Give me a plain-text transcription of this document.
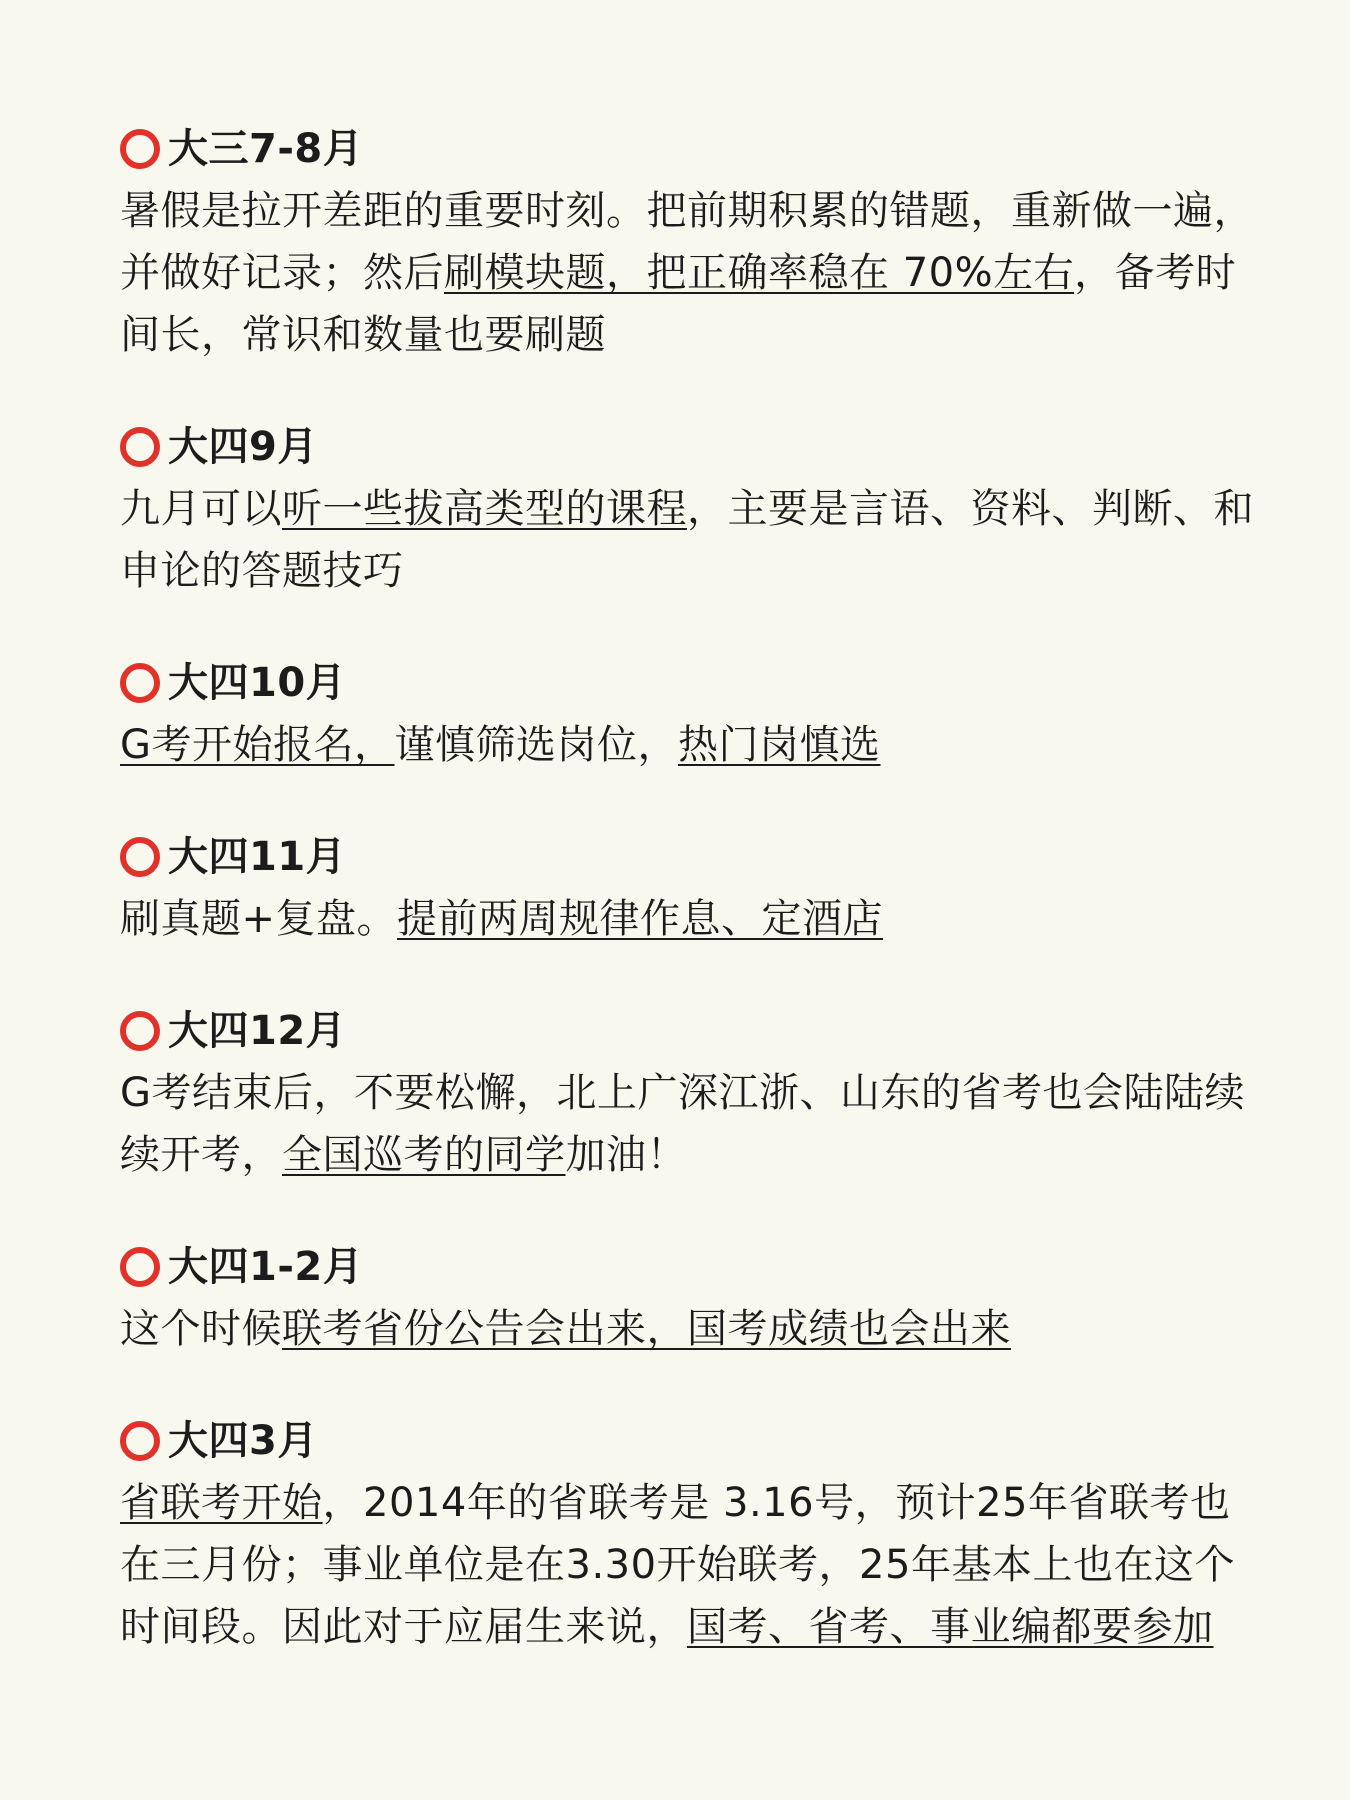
大三7-8月

暑假是拉开差距的重要时刻。把前期积累的错题，重新做一遍，并做好记录；然后刷模块题，把正确率稳在 70%左右，备考时间长，常识和数量也要刷题

大四9月

九月可以听一些拔高类型的课程，主要是言语、资料、判断、和申论的答题技巧

大四10月

G考开始报名，谨慎筛选岗位，热门岗慎选

大四11月

刷真题+复盘。提前两周规律作息、定酒店

大四12月

G考结束后，不要松懈，北上广深江浙、山东的省考也会陆陆续续开考，全国巡考的同学加油！

大四1-2月

这个时候联考省份公告会出来，国考成绩也会出来

大四3月

省联考开始，2014年的省联考是 3.16号，预计25年省联考也在三月份；事业单位是在3.30开始联考，25年基本上也在这个时间段。因此对于应届生来说，国考、省考、事业编都要参加
